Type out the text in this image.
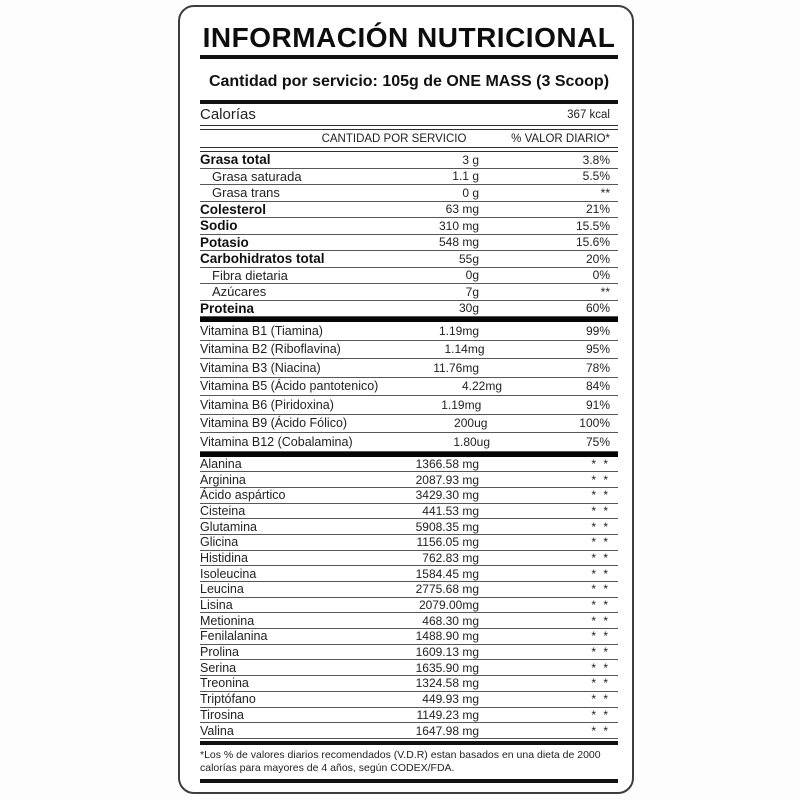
INFORMACIÓN NUTRICIONAL
Cantidad por servicio: 105g de ONE MASS (3 Scoop)
Calorías	367 kcal
CANTIDAD POR SERVICIO	% VALOR DIARIO*
Grasa total	3 g	3.8%
Grasa saturada	1.1 g	5.5%
Grasa trans	0 g	**
Colesterol	63 mg	21%
Sodio	310 mg	15.5%
Potasio	548 mg	15.6%
Carbohidratos total	55g	20%
Fibra dietaria	0g	0%
Azúcares	7g	**
Proteina	30g	60%
Vitamina B1 (Tiamina)	1.19mg	99%
Vitamina B2 (Riboflavina)	1.14mg	95%
Vitamina B3 (Niacina)	11.76mg	78%
Vitamina B5 (Ácido pantotenico)	4.22mg	84%
Vitamina B6 (Piridoxina)	1.19mg	91%
Vitamina B9 (Ácido Fólico)	200ug	100%
Vitamina B12 (Cobalamina)	1.80ug	75%
Alanina	1366.58 mg	* *
Arginina	2087.93 mg	* *
Ácido aspártico	3429.30 mg	* *
Cisteina	441.53 mg	* *
Glutamina	5908.35 mg	* *
Glicina	1156.05 mg	* *
Histidina	762.83 mg	* *
Isoleucina	1584.45 mg	* *
Leucina	2775.68 mg	* *
Lisina	2079.00mg	* *
Metionina	468.30 mg	* *
Fenilalanina	1488.90 mg	* *
Prolina	1609.13 mg	* *
Serina	1635.90 mg	* *
Treonina	1324.58 mg	* *
Triptófano	449.93 mg	* *
Tirosina	1149.23 mg	* *
Valina	1647.98 mg	* *

*Los % de valores diarios recomendados (V.D.R) estan basados en una dieta de 2000 calorías para mayores de 4 años, según CODEX/FDA.
